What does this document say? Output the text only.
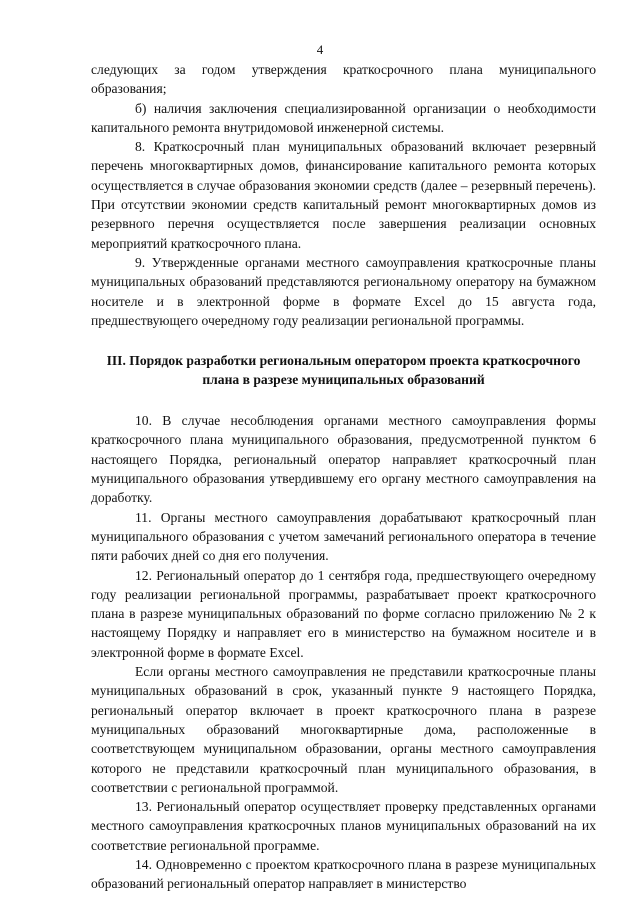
4

следующих за годом утверждения краткосрочного плана муниципального образования;

б) наличия заключения специализированной организации о необходимости капитального ремонта внутридомовой инженерной системы.

8. Краткосрочный план муниципальных образований включает резервный перечень многоквартирных домов, финансирование капитального ремонта которых осуществляется в случае образования экономии средств (далее – резервный перечень). При отсутствии экономии средств капитальный ремонт многоквартирных домов из резервного перечня осуществляется после завершения реализации основных мероприятий краткосрочного плана.

9. Утвержденные органами местного самоуправления краткосрочные планы муниципальных образований представляются региональному оператору на бумажном носителе и в электронной форме в формате Excel до 15 августа года, предшествующего очередному году реализации региональной программы.

III. Порядок разработки региональным оператором проекта краткосрочного плана в разрезе муниципальных образований

10. В случае несоблюдения органами местного самоуправления формы краткосрочного плана муниципального образования, предусмотренной пунктом 6 настоящего Порядка, региональный оператор направляет краткосрочный план муниципального образования утвердившему его органу местного самоуправления на доработку.

11. Органы местного самоуправления дорабатывают краткосрочный план муниципального образования с учетом замечаний регионального оператора в течение пяти рабочих дней со дня его получения.

12. Региональный оператор до 1 сентября года, предшествующего очередному году реализации региональной программы, разрабатывает проект краткосрочного плана в разрезе муниципальных образований по форме согласно приложению № 2 к настоящему Порядку и направляет его в министерство на бумажном носителе и в электронной форме в формате Excel.

Если органы местного самоуправления не представили краткосрочные планы муниципальных образований в срок, указанный пункте 9 настоящего Порядка, региональный оператор включает в проект краткосрочного плана в разрезе муниципальных образований многоквартирные дома, расположенные в соответствующем муниципальном образовании, органы местного самоуправления которого не представили краткосрочный план муниципального образования, в соответствии с региональной программой.

13. Региональный оператор осуществляет проверку представленных органами местного самоуправления краткосрочных планов муниципальных образований на их соответствие региональной программе.

14. Одновременно с проектом краткосрочного плана в разрезе муниципальных образований региональный оператор направляет в министерство
